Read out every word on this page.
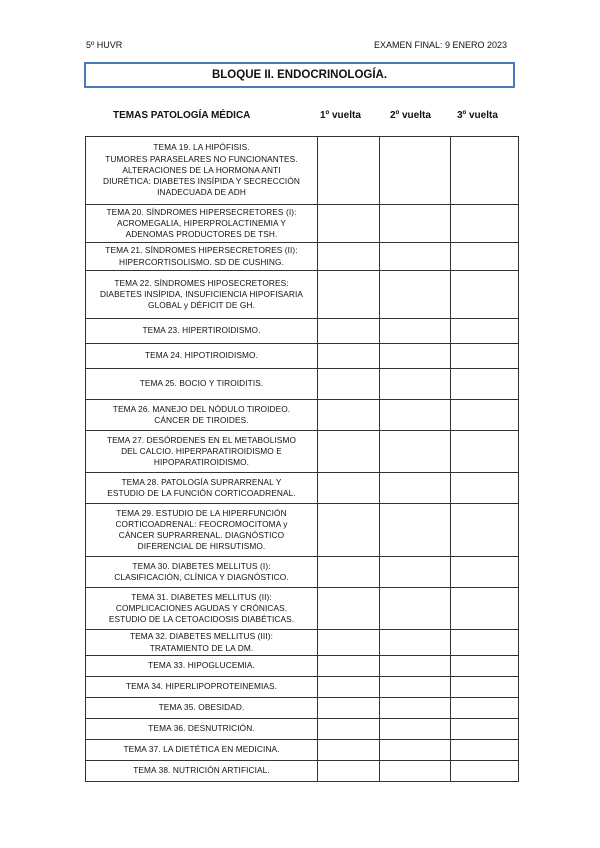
5º HUVR	EXAMEN FINAL: 9 ENERO 2023
BLOQUE II. ENDOCRINOLOGÍA.
TEMAS PATOLOGÍA MÉDICA	1º vuelta	2º vuelta	3º vuelta
TEMA 19. LA HIPÓFISIS.
TUMORES PARASELARES NO FUNCIONANTES.
ALTERACIONES DE LA HORMONA ANTI
DIURÉTICA: DIABETES INSÍPIDA Y SECRECCIÓN
INADECUADA DE ADH			

TEMA 20. SÍNDROMES HIPERSECRETORES (I):
ACROMEGALIA, HIPERPROLACTINEMIA Y
ADENOMAS PRODUCTORES DE TSH.			

TEMA 21. SÍNDROMES HIPERSECRETORES (II):
HIPERCORTISOLISMO. SD DE CUSHING.			

TEMA 22. SÍNDROMES HIPOSECRETORES:
DIABETES INSÍPIDA, INSUFICIENCIA HIPOFISARIA
GLOBAL y DÉFICIT DE GH.			

TEMA 23. HIPERTIROIDISMO.			

TEMA 24. HIPOTIROIDISMO.			

TEMA 25. BOCIO Y TIROIDITIS.			

TEMA 26. MANEJO DEL NÓDULO TIROIDEO.
CÁNCER DE TIROIDES.			

TEMA 27. DESÓRDENES EN EL METABOLISMO
DEL CALCIO. HIPERPARATIROIDISMO E
HIPOPARATIROIDISMO.			

TEMA 28. PATOLOGÍA SUPRARRENAL Y
ESTUDIO DE LA FUNCIÓN CORTICOADRENAL.			

TEMA 29. ESTUDIO DE LA HIPERFUNCIÓN
CORTICOADRENAL: FEOCROMOCITOMA y
CÁNCER SUPRARRENAL. DIAGNÓSTICO
DIFERENCIAL DE HIRSUTISMO.			

TEMA 30. DIABETES MELLITUS (I):
CLASIFICACIÓN, CLÍNICA Y DIAGNÓSTICO.			

TEMA 31. DIABETES MELLITUS (II):
COMPLICACIONES AGUDAS Y CRÓNICAS.
ESTUDIO DE LA CETOACIDOSIS DIABÉTICAS.			

TEMA 32. DIABETES MELLITUS (III):
TRATAMIENTO DE LA DM.			

TEMA 33. HIPOGLUCEMIA.			

TEMA 34. HIPERLIPOPROTEINEMIAS.			

TEMA 35. OBESIDAD.			

TEMA 36. DESNUTRICIÓN.			

TEMA 37. LA DIETÉTICA EN MEDICINA.			

TEMA 38. NUTRICIÓN ARTIFICIAL.			
